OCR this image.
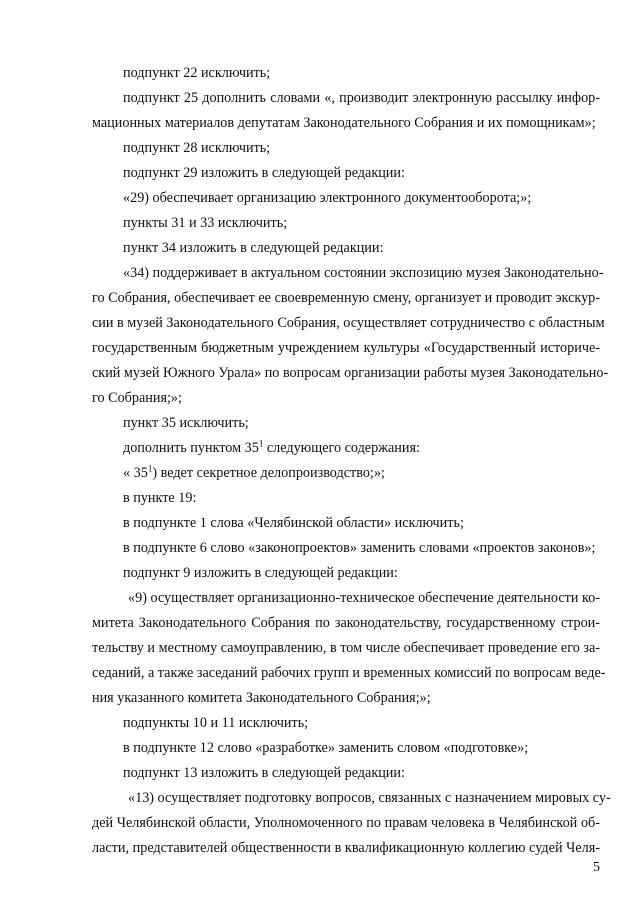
подпункт 22 исключить;
подпункт 25 дополнить словами «, производит электронную рассылку инфор-
мационных материалов депутатам Законодательного Собрания и их помощникам»;
подпункт 28 исключить;
подпункт 29 изложить в следующей редакции:
«29) обеспечивает организацию электронного документооборота;»;
пункты 31 и 33 исключить;
пункт 34 изложить в следующей редакции:
«34) поддерживает в актуальном состоянии экспозицию музея Законодательно-
го Собрания, обеспечивает ее своевременную смену, организует и проводит экскур-
сии в музей Законодательного Собрания, осуществляет сотрудничество с областным
государственным бюджетным учреждением культуры «Государственный историче-
ский музей Южного Урала» по вопросам организации работы музея Законодательно-
го Собрания;»;
пункт 35 исключить;
дополнить пунктом $35^1$ следующего содержания:
« $35^1$) ведет секретное делопроизводство;»;
в пункте 19:
в подпункте 1 слова «Челябинской области» исключить;
в подпункте 6 слово «законопроектов» заменить словами «проектов законов»;
подпункт 9 изложить в следующей редакции:
«9) осуществляет организационно-техническое обеспечение деятельности ко-
митета Законодательного Собрания по законодательству, государственному строи-
тельству и местному самоуправлению, в том числе обеспечивает проведение его за-
седаний, а также заседаний рабочих групп и временных комиссий по вопросам веде-
ния указанного комитета Законодательного Собрания;»;
подпункты 10 и 11 исключить;
в подпункте 12 слово «разработке» заменить словом «подготовке»;
подпункт 13 изложить в следующей редакции:
«13) осуществляет подготовку вопросов, связанных с назначением мировых су-
дей Челябинской области, Уполномоченного по правам человека в Челябинской об-
ласти, представителей общественности в квалификационную коллегию судей Челя-
5
